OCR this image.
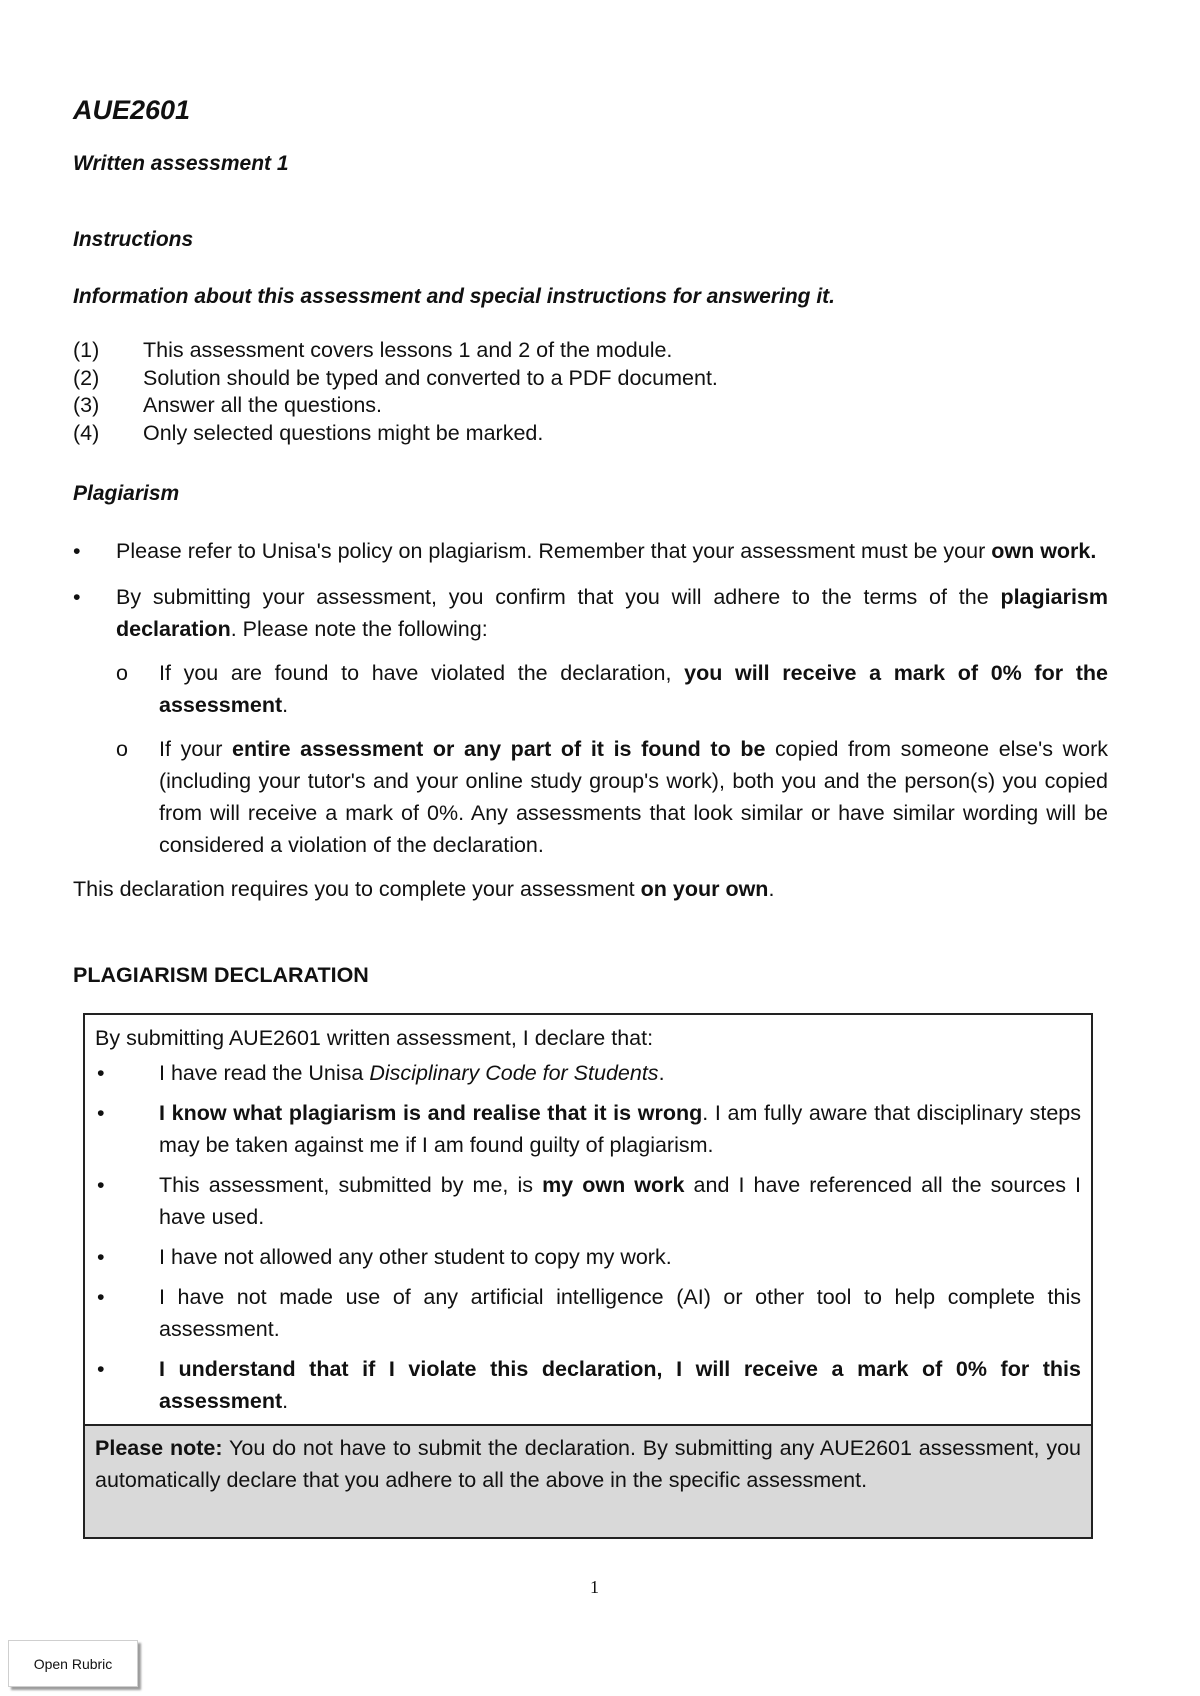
AUE2601
Written assessment 1
Instructions
Information about this assessment and special instructions for answering it.
(1)	This assessment covers lessons 1 and 2 of the module.
(2)	Solution should be typed and converted to a PDF document.
(3)	Answer all the questions.
(4)	Only selected questions might be marked.
Plagiarism
•	Please refer to Unisa's policy on plagiarism. Remember that your assessment must be your own work.
•	By submitting your assessment, you confirm that you will adhere to the terms of the plagiarism declaration. Please note the following:
o	If you are found to have violated the declaration, you will receive a mark of 0% for the assessment.
o	If your entire assessment or any part of it is found to be copied from someone else's work (including your tutor's and your online study group's work), both you and the person(s) you copied from will receive a mark of 0%. Any assessments that look similar or have similar wording will be considered a violation of the declaration.
This declaration requires you to complete your assessment on your own.
PLAGIARISM DECLARATION
By submitting AUE2601 written assessment, I declare that:
•	I have read the Unisa Disciplinary Code for Students.
•	I know what plagiarism is and realise that it is wrong. I am fully aware that disciplinary steps may be taken against me if I am found guilty of plagiarism.
•	This assessment, submitted by me, is my own work and I have referenced all the sources I have used.
•	I have not allowed any other student to copy my work.
•	I have not made use of any artificial intelligence (AI) or other tool to help complete this assessment.
•	I understand that if I violate this declaration, I will receive a mark of 0% for this assessment.
Please note: You do not have to submit the declaration. By submitting any AUE2601 assessment, you automatically declare that you adhere to all the above in the specific assessment.
1
Open Rubric
